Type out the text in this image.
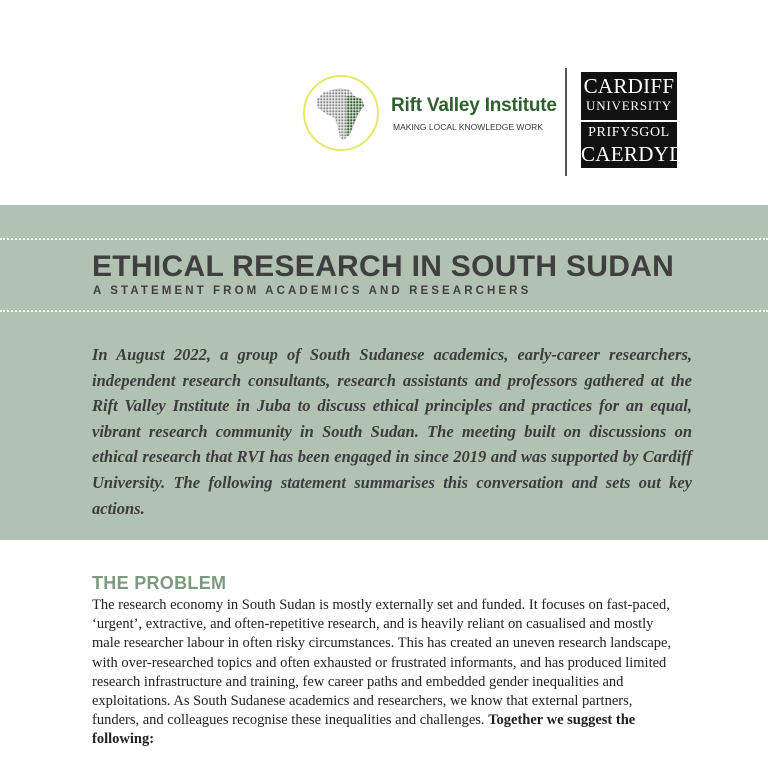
Rift Valley Institute
MAKING LOCAL KNOWLEDGE WORK
CARDIFF
UNIVERSITY
PRIFYSGOL
CAERDYDD
ETHICAL RESEARCH IN SOUTH SUDAN
A STATEMENT FROM ACADEMICS AND RESEARCHERS

In August 2022, a group of South Sudanese academics, early-career researchers, independent research consultants, research assistants and professors gathered at the Rift Valley Institute in Juba to discuss ethical principles and practices for an equal, vibrant research community in South Sudan. The meeting built on discussions on ethical research that RVI has been engaged in since 2019 and was supported by Cardiff University. The following statement summarises this conversation and sets out key actions.

THE PROBLEM

The research economy in South Sudan is mostly externally set and funded. It focuses on fast-paced, ‘urgent’, extractive, and often-repetitive research, and is heavily reliant on casualised and mostly male researcher labour in often risky circumstances. This has created an uneven research landscape, with over-researched topics and often exhausted or frustrated informants, and has produced limited research infrastructure and training, few career paths and embedded gender inequalities and exploitations. As South Sudanese academics and researchers, we know that external partners, funders, and colleagues recognise these inequalities and challenges. Together we suggest the following:
